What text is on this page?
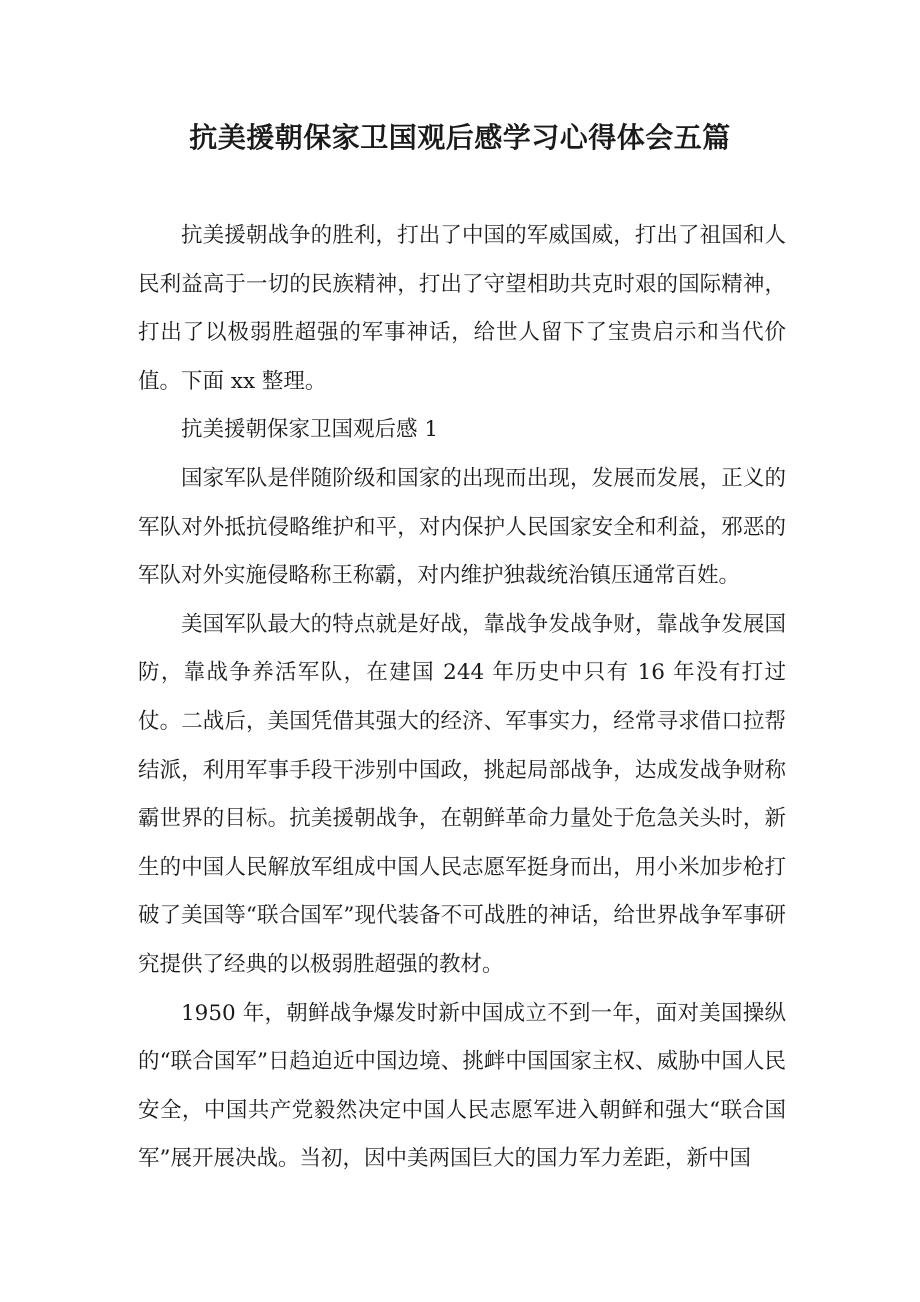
抗美援朝保家卫国观后感学习心得体会五篇

抗美援朝战争的胜利，打出了中国的军威国威，打出了祖国和人民利益高于一切的民族精神，打出了守望相助共克时艰的国际精神，打出了以极弱胜超强的军事神话，给世人留下了宝贵启示和当代价值。下面 xx 整理。

抗美援朝保家卫国观后感 1

国家军队是伴随阶级和国家的出现而出现，发展而发展，正义的军队对外抵抗侵略维护和平，对内保护人民国家安全和利益，邪恶的军队对外实施侵略称王称霸，对内维护独裁统治镇压通常百姓。

美国军队最大的特点就是好战，靠战争发战争财，靠战争发展国防，靠战争养活军队，在建国 244 年历史中只有 16 年没有打过仗。二战后，美国凭借其强大的经济、军事实力，经常寻求借口拉帮结派，利用军事手段干涉别中国政，挑起局部战争，达成发战争财称霸世界的目标。抗美援朝战争，在朝鲜革命力量处于危急关头时，新生的中国人民解放军组成中国人民志愿军挺身而出，用小米加步枪打破了美国等“联合国军”现代装备不可战胜的神话，给世界战争军事研究提供了经典的以极弱胜超强的教材。

1950 年，朝鲜战争爆发时新中国成立不到一年，面对美国操纵的“联合国军”日趋迫近中国边境、挑衅中国国家主权、威胁中国人民安全，中国共产党毅然决定中国人民志愿军进入朝鲜和强大“联合国军”展开展决战。当初，因中美两国巨大的国力军力差距，新中国
